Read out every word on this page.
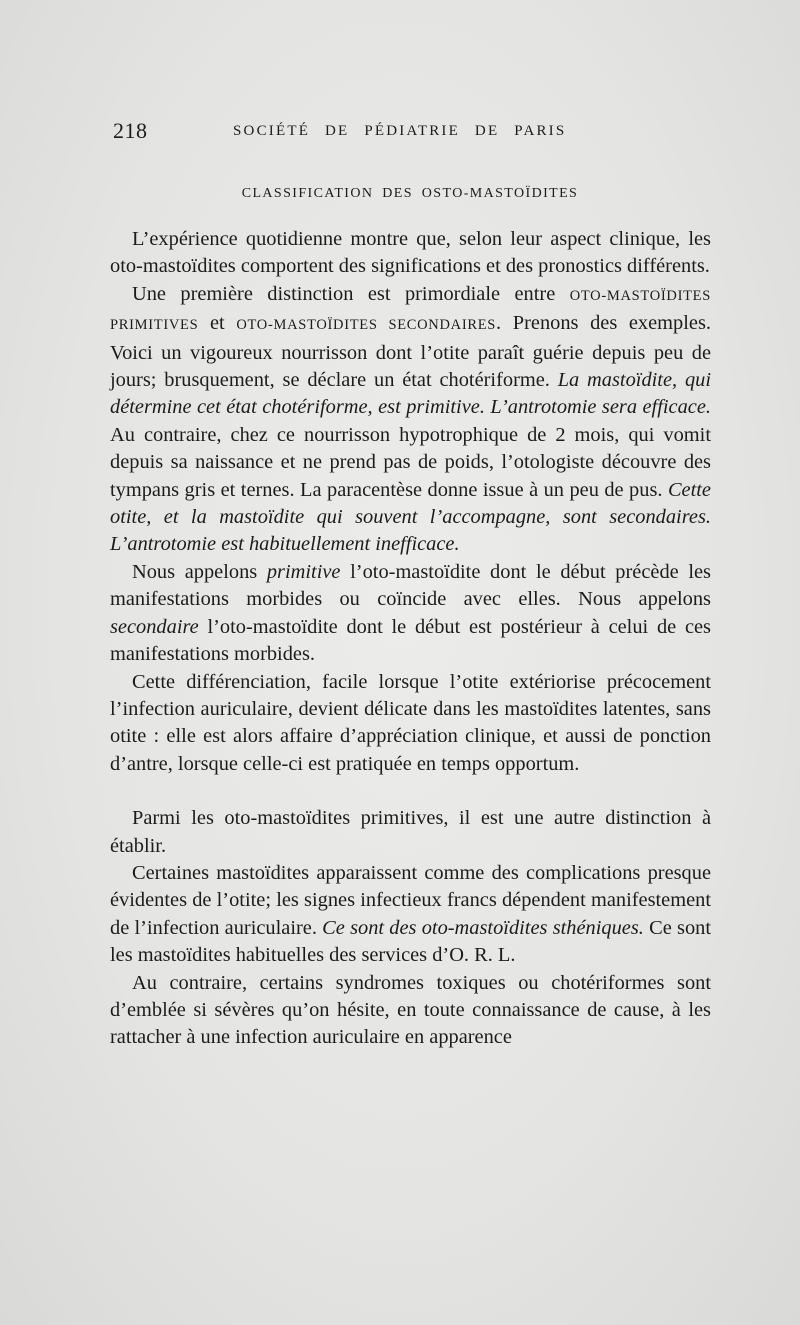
218	SOCIÉTÉ DE PÉDIATRIE DE PARIS
CLASSIFICATION DES OSTO-MASTOÏDITES

L’expérience quotidienne montre que, selon leur aspect clinique, les oto-mastoïdites comportent des significations et des pronostics différents.

Une première distinction est primordiale entre OTO-MASTOÏDITES PRIMITIVES et OTO-MASTOÏDITES SECONDAIRES. Prenons des exemples. Voici un vigoureux nourrisson dont l’otite paraît guérie depuis peu de jours; brusquement, se déclare un état chotériforme. La mastoïdite, qui détermine cet état chotériforme, est primitive. L’antrotomie sera efficace. Au contraire, chez ce nourrisson hypotrophique de 2 mois, qui vomit depuis sa naissance et ne prend pas de poids, l’otologiste découvre des tympans gris et ternes. La paracentèse donne issue à un peu de pus. Cette otite, et la mastoïdite qui souvent l’accompagne, sont secondaires. L’antrotomie est habituellement inefficace.

Nous appelons primitive l’oto-mastoïdite dont le début précède les manifestations morbides ou coïncide avec elles. Nous appelons secondaire l’oto-mastoïdite dont le début est postérieur à celui de ces manifestations morbides.

Cette différenciation, facile lorsque l’otite extériorise précocement l’infection auriculaire, devient délicate dans les mastoïdites latentes, sans otite : elle est alors affaire d’appréciation clinique, et aussi de ponction d’antre, lorsque celle-ci est pratiquée en temps opportum.

Parmi les oto-mastoïdites primitives, il est une autre distinction à établir.

Certaines mastoïdites apparaissent comme des complications presque évidentes de l’otite; les signes infectieux francs dépendent manifestement de l’infection auriculaire. Ce sont des oto-mastoïdites sthéniques. Ce sont les mastoïdites habituelles des services d’O. R. L.

Au contraire, certains syndromes toxiques ou chotériformes sont d’emblée si sévères qu’on hésite, en toute connaissance de cause, à les rattacher à une infection auriculaire en apparence
